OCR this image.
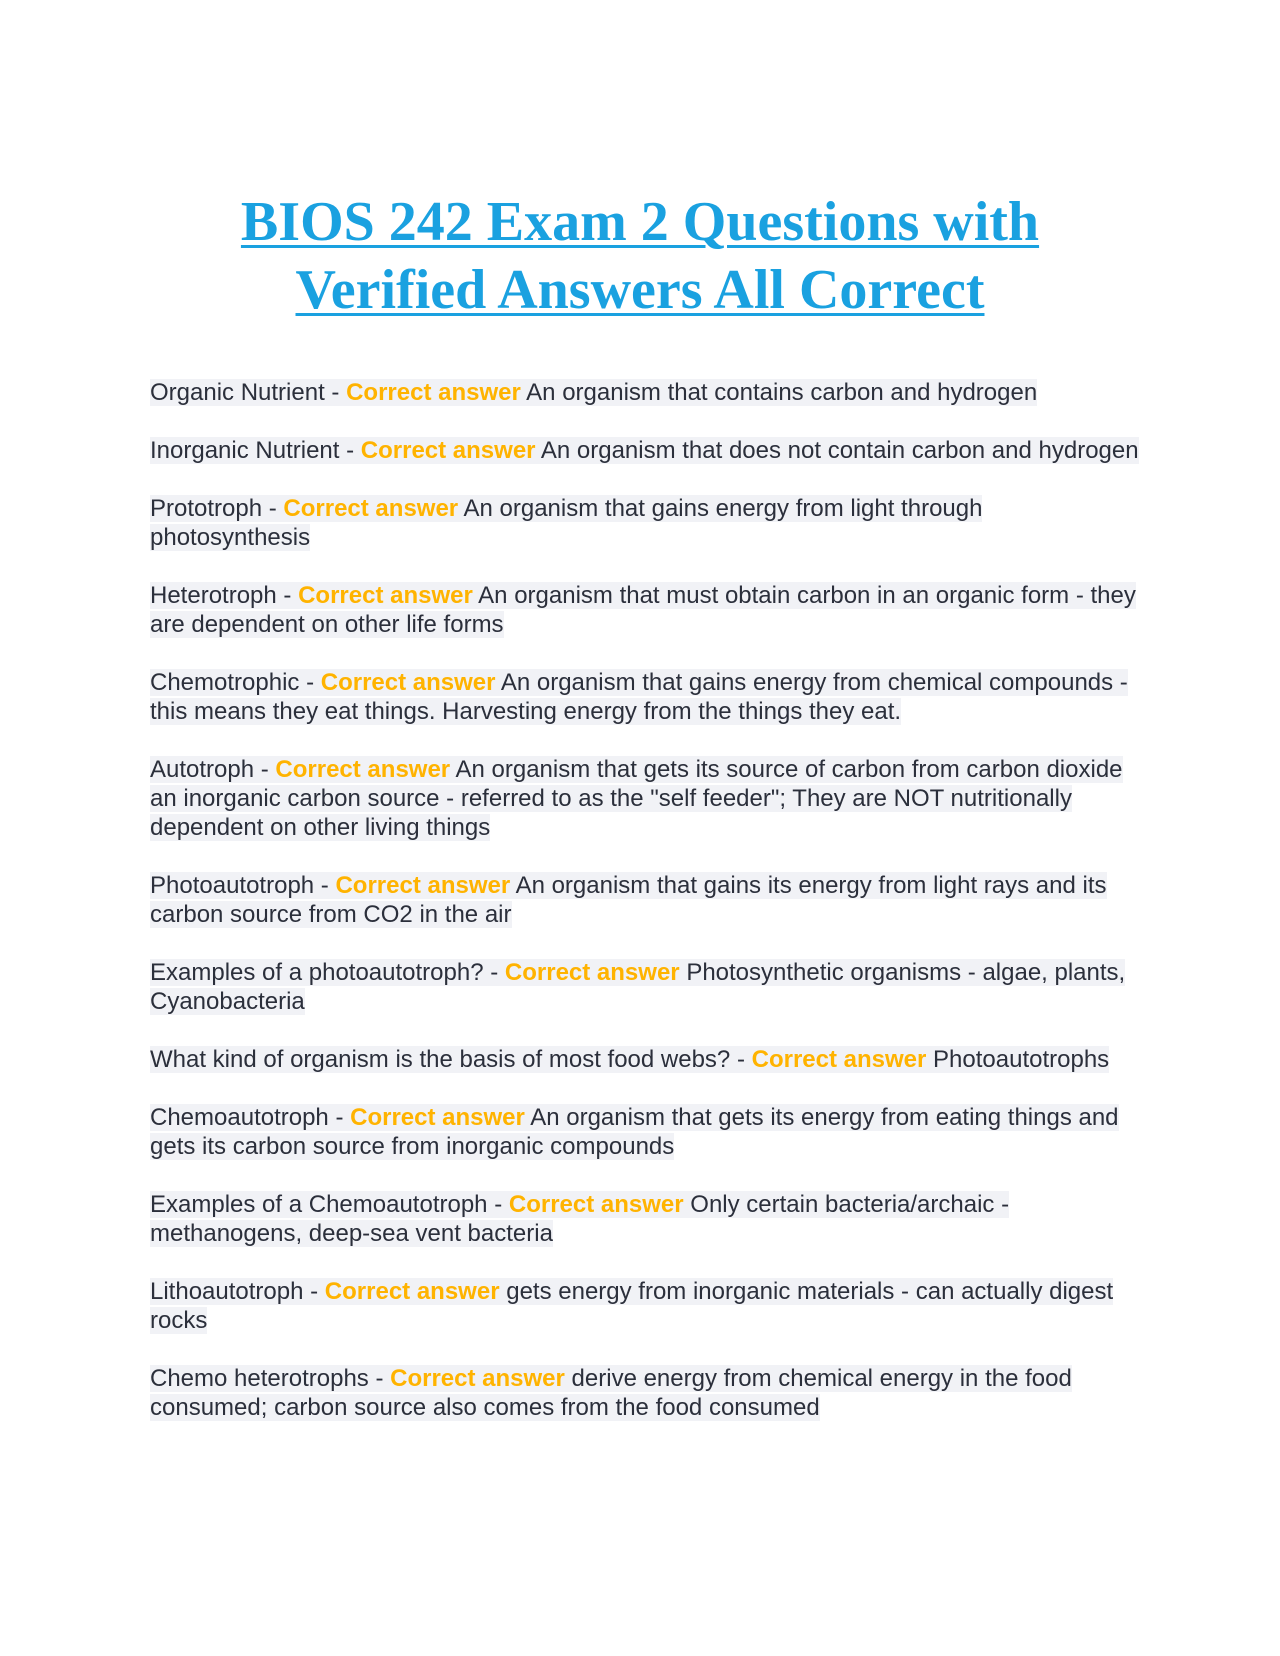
BIOS 242 Exam 2 Questions with
Verified Answers All Correct
Organic Nutrient - Correct answer An organism that contains carbon and hydrogen
Inorganic Nutrient - Correct answer An organism that does not contain carbon and hydrogen
Prototroph - Correct answer An organism that gains energy from light through photosynthesis
Heterotroph - Correct answer An organism that must obtain carbon in an organic form - they are dependent on other life forms
Chemotrophic - Correct answer An organism that gains energy from chemical compounds - this means they eat things. Harvesting energy from the things they eat.
Autotroph - Correct answer An organism that gets its source of carbon from carbon dioxide an inorganic carbon source - referred to as the "self feeder"; They are NOT nutritionally dependent on other living things
Photoautotroph - Correct answer An organism that gains its energy from light rays and its carbon source from CO2 in the air
Examples of a photoautotroph? - Correct answer Photosynthetic organisms - algae, plants, Cyanobacteria
What kind of organism is the basis of most food webs? - Correct answer Photoautotrophs
Chemoautotroph - Correct answer An organism that gets its energy from eating things and gets its carbon source from inorganic compounds
Examples of a Chemoautotroph - Correct answer Only certain bacteria/archaic - methanogens, deep-sea vent bacteria
Lithoautotroph - Correct answer gets energy from inorganic materials - can actually digest rocks
Chemo heterotrophs - Correct answer derive energy from chemical energy in the food consumed; carbon source also comes from the food consumed
